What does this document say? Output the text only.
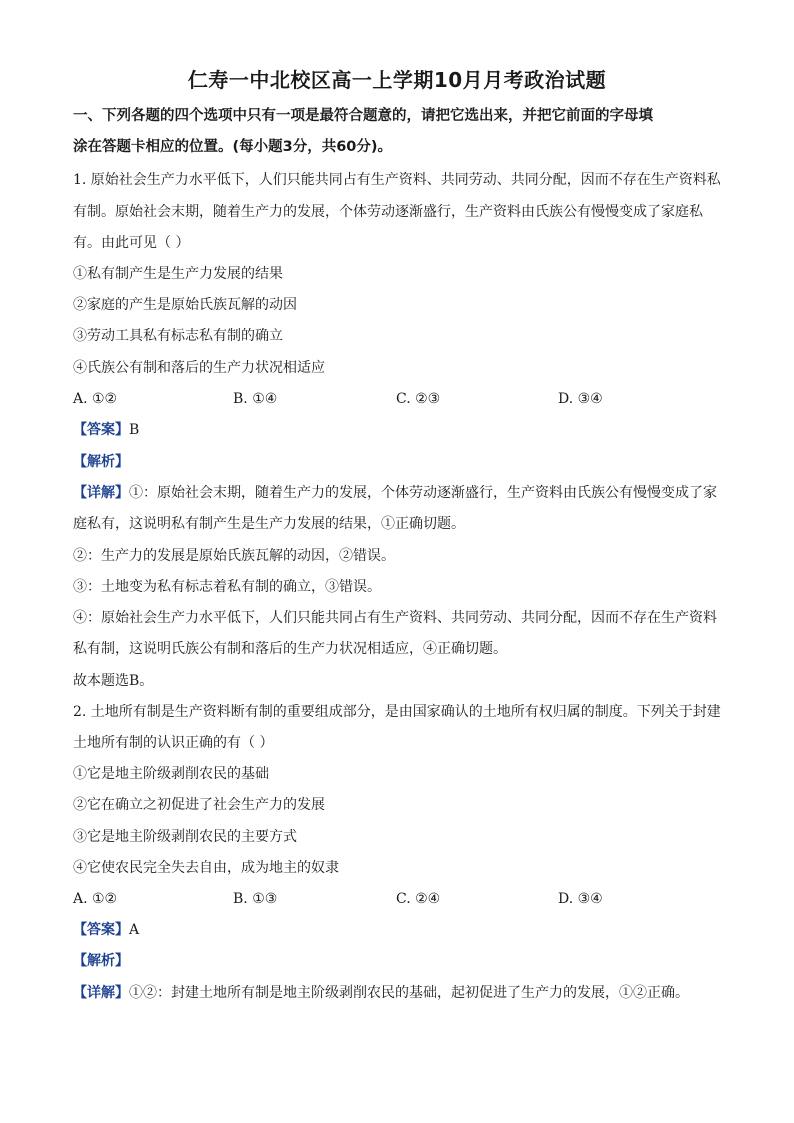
仁寿一中北校区高一上学期10月月考政治试题
一、下列各题的四个选项中只有一项是最符合题意的，请把它选出来，并把它前面的字母填
涂在答题卡相应的位置。(每小题3分，共60分)。
1. 原始社会生产力水平低下，人们只能共同占有生产资料、共同劳动、共同分配，因而不存在生产资料私
有制。原始社会末期，随着生产力的发展，个体劳动逐渐盛行，生产资料由氏族公有慢慢变成了家庭私
有。由此可见（ ）
①私有制产生是生产力发展的结果
②家庭的产生是原始氏族瓦解的动因
③劳动工具私有标志私有制的确立
④氏族公有制和落后的生产力状况相适应
A. ①②	B. ①④	C. ②③	D. ③④
【答案】B
【解析】
【详解】①：原始社会末期，随着生产力的发展，个体劳动逐渐盛行，生产资料由氏族公有慢慢变成了家
庭私有，这说明私有制产生是生产力发展的结果，①正确切题。
②：生产力的发展是原始氏族瓦解的动因，②错误。
③：土地变为私有标志着私有制的确立，③错误。
④：原始社会生产力水平低下，人们只能共同占有生产资料、共同劳动、共同分配，因而不存在生产资料
私有制，这说明氏族公有制和落后的生产力状况相适应，④正确切题。
故本题选B。
2. 土地所有制是生产资料断有制的重要组成部分，是由国家确认的土地所有权归属的制度。下列关于封建
土地所有制的认识正确的有（ ）
①它是地主阶级剥削农民的基础
②它在确立之初促进了社会生产力的发展
③它是地主阶级剥削农民的主要方式
④它使农民完全失去自由，成为地主的奴隶
A. ①②	B. ①③	C. ②④	D. ③④
【答案】A
【解析】
【详解】①②：封建土地所有制是地主阶级剥削农民的基础，起初促进了生产力的发展，①②正确。
